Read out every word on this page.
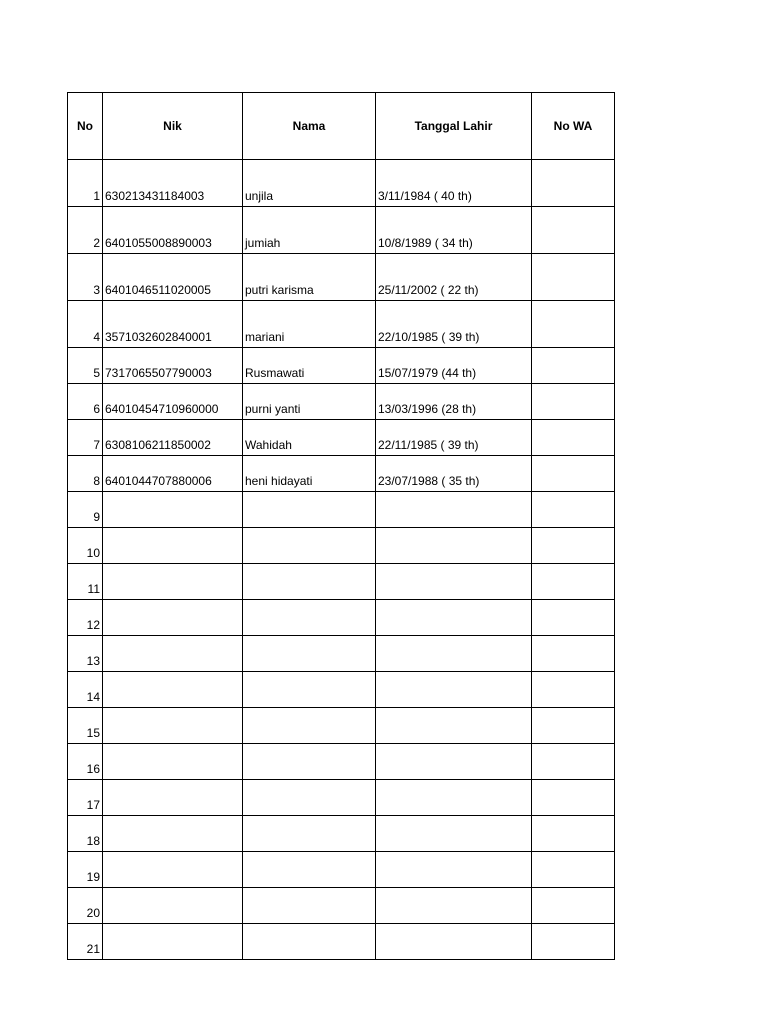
No	Nik	Nama	Tanggal Lahir	No WA
1	630213431184003	unjila	3/11/1984 ( 40 th)	
2	6401055008890003	jumiah	10/8/1989 ( 34 th)	
3	6401046511020005	putri karisma	25/11/2002 ( 22 th)	
4	3571032602840001	mariani	22/10/1985 ( 39 th)	
5	7317065507790003	Rusmawati	15/07/1979 (44 th)	
6	64010454710960000	purni yanti	13/03/1996 (28 th)	
7	6308106211850002	Wahidah	22/11/1985 ( 39 th)	
8	6401044707880006	heni hidayati	23/07/1988 ( 35 th)	
9				
10				
11				
12				
13				
14				
15				
16				
17				
18				
19				
20				
21				
